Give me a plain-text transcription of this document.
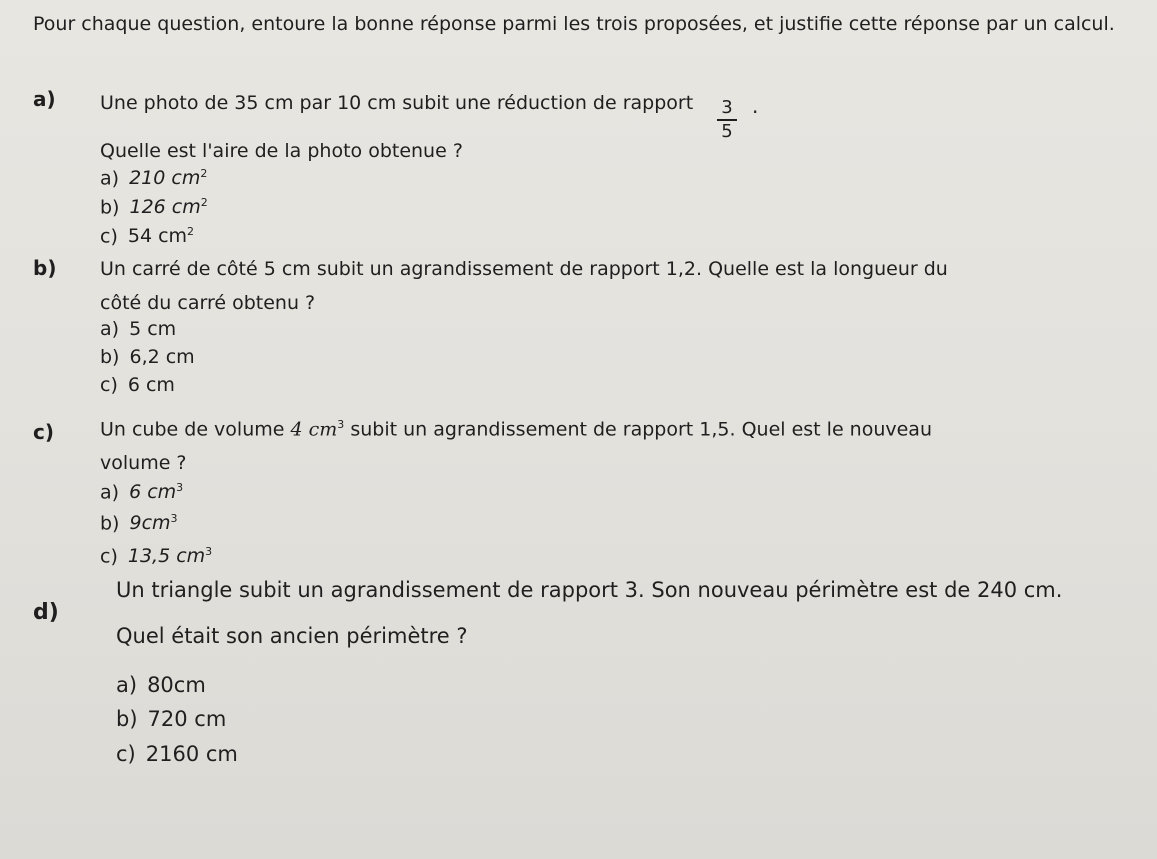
Pour chaque question, entoure la bonne réponse parmi les trois proposées, et justifie cette réponse par un calcul.
a) Une photo de 35 cm par 10 cm subit une réduction de rapport 3
5
.
Quelle est l'aire de la photo obtenue ?
a) 210 $cm^2$
b) 126 $cm^2$
c) 54 $cm^2$
b) Un carré de côté 5 cm subit un agrandissement de rapport 1,2. Quelle est la longueur du
côté du carré obtenu ?
a) 5 cm
b) 6,2 cm
c) 6 cm
c) Un cube de volume 4 $cm^3$ subit un agrandissement de rapport 1,5. Quel est le nouveau
volume ?
a) 6 $cm^3$
b) $9cm^3$
c) 13,5 $cm^3$
d)
Un triangle subit un agrandissement de rapport 3. Son nouveau périmètre est de 240 cm.
Quel était son ancien périmètre ?
a) 80cm
b) 720 cm
c) 2160 cm
